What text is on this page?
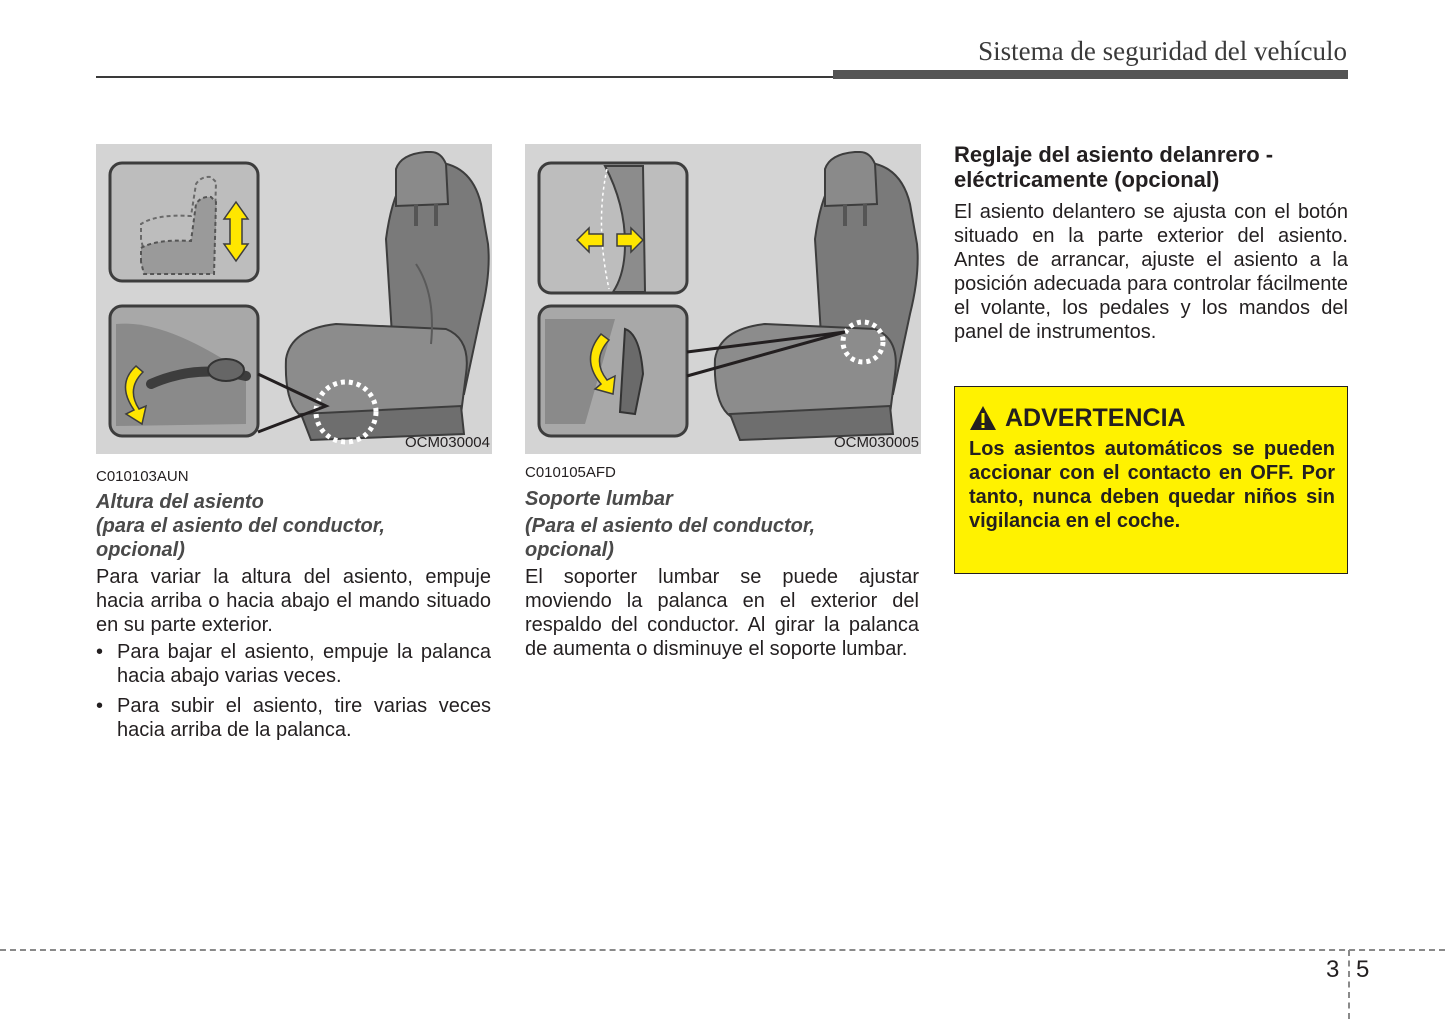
Sistema de seguridad del vehículo
OCM030004
C010103AUN
Altura del asiento
(para el asiento del conductor,
opcional)

Para variar la altura del asiento, empuje hacia arriba o hacia abajo el mando situado en su parte exterior.

• Para bajar el asiento, empuje la palanca hacia abajo varias veces.
• Para subir el asiento, tire varias veces hacia arriba de la palanca.
OCM030005
C010105AFD
Soporte lumbar
(Para el asiento del conductor,
opcional)

El soporter lumbar se puede ajustar moviendo la palanca en el exterior del respaldo del conductor. Al girar la palanca de aumenta o disminuye el soporte lumbar.

Reglaje del asiento delanrero -
eléctricamente (opcional)

El asiento delantero se ajusta con el botón situado en la parte exterior del asiento. Antes de arrancar, ajuste el asiento a la posición adecuada para controlar fácilmente el volante, los pedales y los mandos del panel de instrumentos.

ADVERTENCIA

Los asientos automáticos se pueden accionar con el contacto en OFF. Por tanto, nunca deben quedar niños sin vigilancia en el coche.

3 5
